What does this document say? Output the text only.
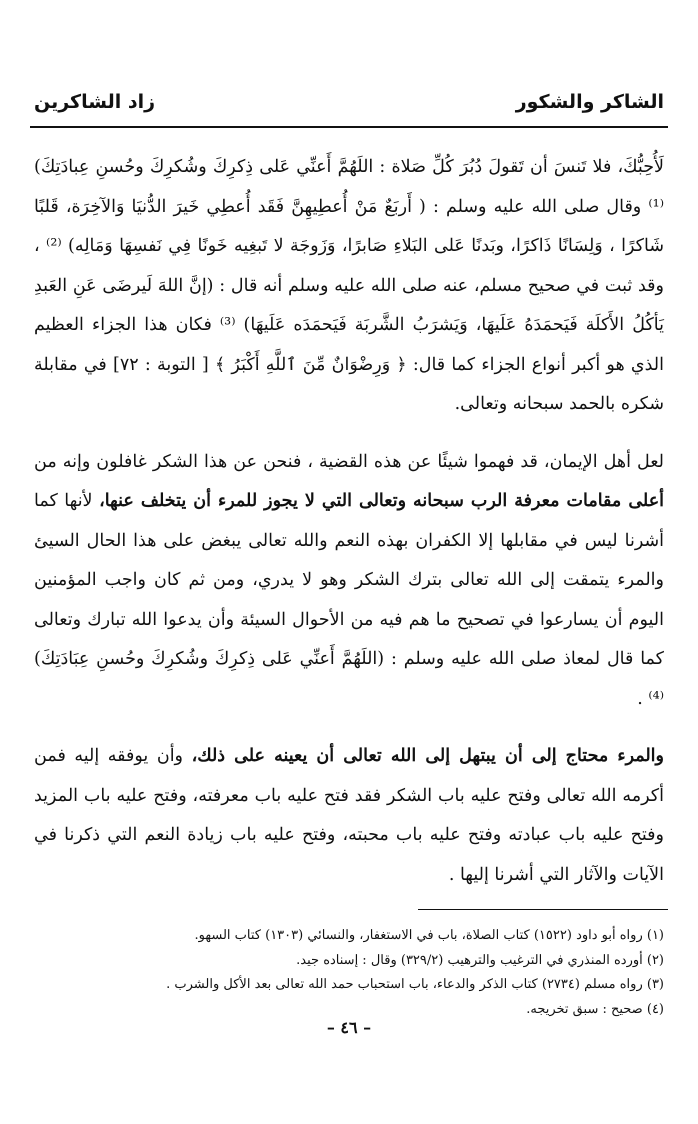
الشاكر والشكور
زاد الشاكرين

لَأُحِبُّكَ، فلا تَنسَ أن تَقولَ دُبُرَ كُلِّ صَلاة : اللَهُمَّ أَعنِّي عَلى ذِكرِكَ وشُكرِكَ وحُسنِ عِبادَتِكَ) ⁽¹⁾ وقال صلى الله عليه وسلم : ( أَربَعٌ مَنْ أُعطِيهِنَّ فَقَد أُعطِي خَيرَ الدُّنيَا وَالآخِرَة، قَلبًا شَاكرًا ، وَلِسَانًا ذَاكرًا، وبَدنًا عَلى البَلاءِ صَابرًا، وَزَوجَة لا تَبغِيه خَونًا فِي نَفسِهَا وَمَالِه) ⁽²⁾ ، وقد ثبت في صحيح مسلم، عنه صلى الله عليه وسلم أنه قال : (إنَّ اللهَ لَيرضَى عَنِ العَبدِ يَأكُلُ الأَكلَة فَيَحمَدَهُ عَلَيهَا، وَيَشرَبُ الشَّربَة فَيَحمَدَه عَلَيهَا) ⁽³⁾ فكان هذا الجزاء العظيم الذي هو أكبر أنواع الجزاء كما قال: ﴿ وَرِضْوَانٌ مِّنَ ٱللَّهِ أَكْبَرُ ﴾ [ التوبة : ٧٢] في مقابلة شكره بالحمد سبحانه وتعالى.

لعل أهل الإيمان، قد فهموا شيئًا عن هذه القضية ، فنحن عن هذا الشكر غافلون وإنه من أعلى مقامات معرفة الرب سبحانه وتعالى التي لا يجوز للمرء أن يتخلف عنها، لأنها كما أشرنا ليس في مقابلها إلا الكفران بهذه النعم والله تعالى يبغض على هذا الحال السيئ والمرء يتمقت إلى الله تعالى بترك الشكر وهو لا يدري، ومن ثم كان واجب المؤمنين اليوم أن يسارعوا في تصحيح ما هم فيه من الأحوال السيئة وأن يدعوا الله تبارك وتعالى كما قال لمعاذ صلى الله عليه وسلم : (اللَهُمَّ أَعنِّي عَلى ذِكرِكَ وشُكرِكَ وحُسنِ عِبَادَتِكَ) ⁽⁴⁾ .

والمرء محتاج إلى أن يبتهل إلى الله تعالى أن يعينه على ذلك، وأن يوفقه إليه فمن أكرمه الله تعالى وفتح عليه باب الشكر فقد فتح عليه باب معرفته، وفتح عليه باب المزيد وفتح عليه باب عبادته وفتح عليه باب محبته، وفتح عليه باب زيادة النعم التي ذكرنا في الآيات والآثار التي أشرنا إليها .

(١) رواه أبو داود (١٥٢٢) كتاب الصلاة، باب في الاستغفار، والنسائي (١٣٠٣) كتاب السهو.
(٢) أورده المنذري في الترغيب والترهيب (٣٢٩/٢) وقال : إسناده جيد.
(٣) رواه مسلم (٢٧٣٤) كتاب الذكر والدعاء، باب استحباب حمد الله تعالى بعد الأكل والشرب .
(٤) صحيح : سبق تخريجه.
– ٤٦ –
